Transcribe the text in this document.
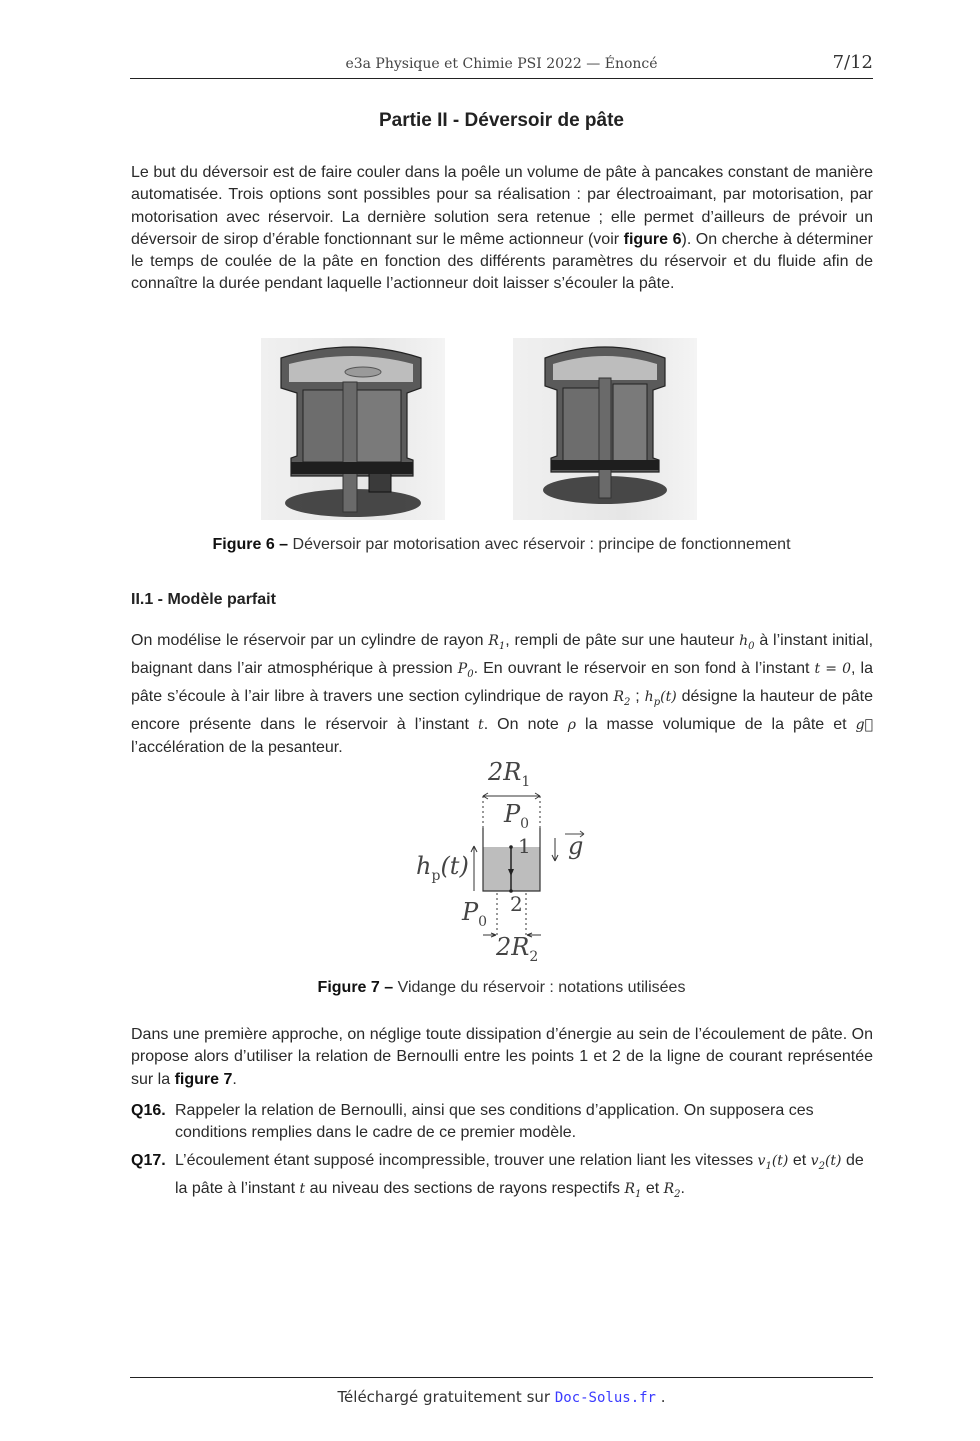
e3a Physique et Chimie PSI 2022 — Énoncé	7/12
Partie II - Déversoir de pâte
Le but du déversoir est de faire couler dans la poêle un volume de pâte à pancakes constant de manière automatisée. Trois options sont possibles pour sa réalisation : par électroaimant, par motorisation, par motorisation avec réservoir. La dernière solution sera retenue ; elle permet d’ailleurs de prévoir un déversoir de sirop d’érable fonctionnant sur le même actionneur (voir figure 6). On cherche à déterminer le temps de coulée de la pâte en fonction des différents paramètres du réservoir et du fluide afin de connaître la durée pendant laquelle l’actionneur doit laisser s’écouler la pâte.
Figure 6 – Déversoir par motorisation avec réservoir : principe de fonctionnement
II.1 - Modèle parfait
On modélise le réservoir par un cylindre de rayon $R_1$, rempli de pâte sur une hauteur $h_0$ à l’instant initial, baignant dans l’air atmosphérique à pression $P_0$. En ouvrant le réservoir en son fond à l’instant t = 0, la pâte s’écoule à l’air libre à travers une section cylindrique de rayon $R_2$ ; $h_p(t)$ désigne la hauteur de pâte encore présente dans le réservoir à l’instant t. On note ρ la masse volumique de la pâte et g⃗ l’accélération de la pesanteur.
$2R_1$
$P_0$
1 g
$h_p(t)$
2
$P_0$
$2R_2$
Figure 7 – Vidange du réservoir : notations utilisées
Dans une première approche, on néglige toute dissipation d’énergie au sein de l’écoulement de pâte. On propose alors d’utiliser la relation de Bernoulli entre les points 1 et 2 de la ligne de courant représentée sur la figure 7.
Q16. Rappeler la relation de Bernoulli, ainsi que ses conditions d’application. On supposera ces conditions remplies dans le cadre de ce premier modèle.
Q17. L’écoulement étant supposé incompressible, trouver une relation liant les vitesses $v_1(t)$ et $v_2(t)$ de la pâte à l’instant t au niveau des sections de rayons respectifs $R_1$ et $R_2$.
Téléchargé gratuitement sur Doc-Solus.fr .
